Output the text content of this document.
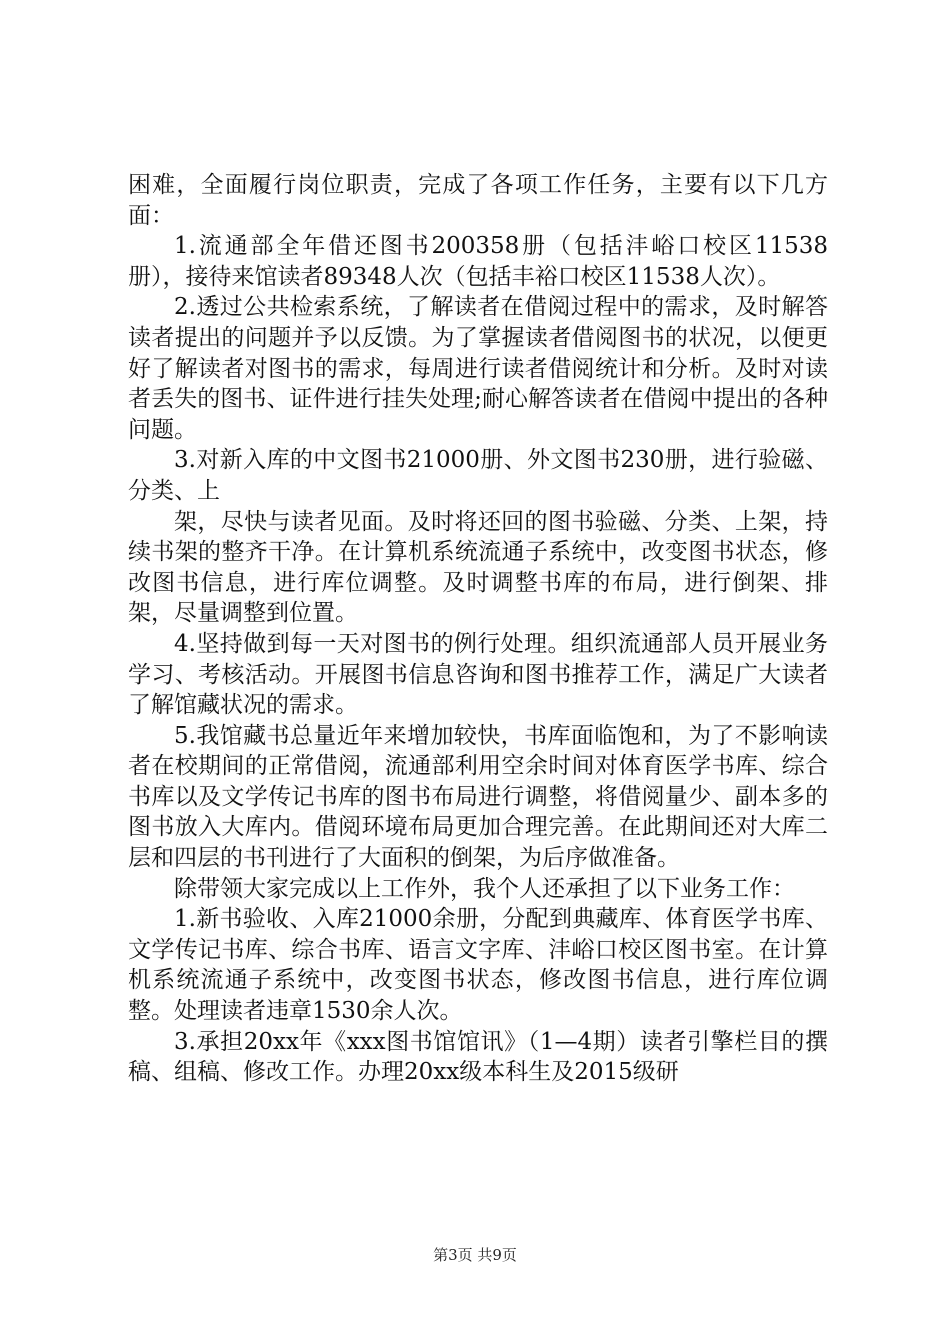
困难，全面履行岗位职责，完成了各项工作任务，主要有以下几方面：

1.流通部全年借还图书200358册（包括沣峪口校区11538册），接待来馆读者89348人次（包括丰裕口校区11538人次）。

2.透过公共检索系统，了解读者在借阅过程中的需求，及时解答读者提出的问题并予以反馈。为了掌握读者借阅图书的状况，以便更好了解读者对图书的需求，每周进行读者借阅统计和分析。及时对读者丢失的图书、证件进行挂失处理;耐心解答读者在借阅中提出的各种问题。

3.对新入库的中文图书21000册、外文图书230册，进行验磁、分类、上

架，尽快与读者见面。及时将还回的图书验磁、分类、上架，持续书架的整齐干净。在计算机系统流通子系统中，改变图书状态，修改图书信息，进行库位调整。及时调整书库的布局，进行倒架、排架，尽量调整到位置。

4.坚持做到每一天对图书的例行处理。组织流通部人员开展业务学习、考核活动。开展图书信息咨询和图书推荐工作，满足广大读者了解馆藏状况的需求。

5.我馆藏书总量近年来增加较快，书库面临饱和，为了不影响读者在校期间的正常借阅，流通部利用空余时间对体育医学书库、综合书库以及文学传记书库的图书布局进行调整，将借阅量少、副本多的图书放入大库内。借阅环境布局更加合理完善。在此期间还对大库二层和四层的书刊进行了大面积的倒架，为后序做准备。

除带领大家完成以上工作外，我个人还承担了以下业务工作：

1.新书验收、入库21000余册，分配到典藏库、体育医学书库、文学传记书库、综合书库、语言文字库、沣峪口校区图书室。在计算机系统流通子系统中，改变图书状态，修改图书信息，进行库位调整。处理读者违章1530余人次。

3.承担20xx年《xxx图书馆馆讯》（1—4期）读者引擎栏目的撰稿、组稿、修改工作。办理20xx级本科生及2015级研

第3页 共9页
